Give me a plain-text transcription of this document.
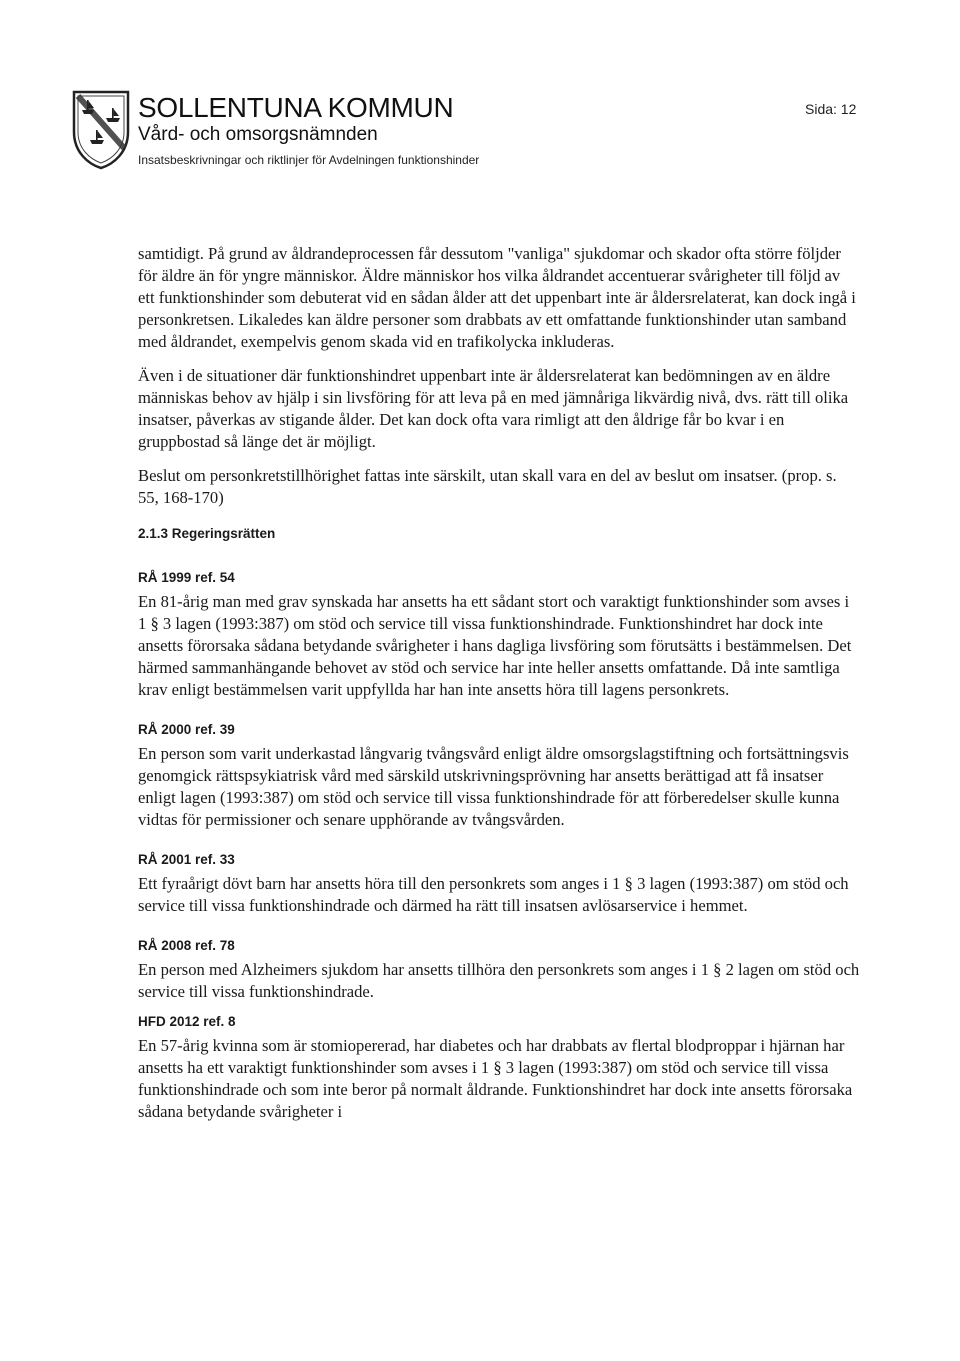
SOLLENTUNA KOMMUN
Vård- och omsorgsnämnden
Insatsbeskrivningar och riktlinjer för Avdelningen funktionshinder
Sida: 12

samtidigt. På grund av åldrandeprocessen får dessutom "vanliga" sjukdomar och skador ofta större följder för äldre än för yngre människor. Äldre människor hos vilka åldrandet accentuerar svårigheter till följd av ett funktionshinder som debuterat vid en sådan ålder att det uppenbart inte är åldersrelaterat, kan dock ingå i personkretsen. Likaledes kan äldre personer som drabbats av ett omfattande funktionshinder utan samband med åldrandet, exempelvis genom skada vid en trafikolycka inkluderas.

Även i de situationer där funktionshindret uppenbart inte är åldersrelaterat kan bedömningen av en äldre människas behov av hjälp i sin livsföring för att leva på en med jämnåriga likvärdig nivå, dvs. rätt till olika insatser, påverkas av stigande ålder. Det kan dock ofta vara rimligt att den åldrige får bo kvar i en gruppbostad så länge det är möjligt.

Beslut om personkretstillhörighet fattas inte särskilt, utan skall vara en del av beslut om insatser. (prop. s. 55, 168-170)

2.1.3 Regeringsrätten
RÅ 1999 ref. 54

En 81-årig man med grav synskada har ansetts ha ett sådant stort och varaktigt funktionshinder som avses i 1 § 3 lagen (1993:387) om stöd och service till vissa funktionshindrade. Funktionshindret har dock inte ansetts förorsaka sådana betydande svårigheter i hans dagliga livsföring som förutsätts i bestämmelsen. Det härmed sammanhängande behovet av stöd och service har inte heller ansetts omfattande. Då inte samtliga krav enligt bestämmelsen varit uppfyllda har han inte ansetts höra till lagens personkrets.

RÅ 2000 ref. 39

En person som varit underkastad långvarig tvångsvård enligt äldre omsorgslagstiftning och fortsättningsvis genomgick rättspsykiatrisk vård med särskild utskrivningsprövning har ansetts berättigad att få insatser enligt lagen (1993:387) om stöd och service till vissa funktionshindrade för att förberedelser skulle kunna vidtas för permissioner och senare upphörande av tvångsvården.

RÅ 2001 ref. 33

Ett fyraårigt dövt barn har ansetts höra till den personkrets som anges i 1 § 3 lagen (1993:387) om stöd och service till vissa funktionshindrade och därmed ha rätt till insatsen avlösarservice i hemmet.

RÅ 2008 ref. 78

En person med Alzheimers sjukdom har ansetts tillhöra den personkrets som anges i 1 § 2 lagen om stöd och service till vissa funktionshindrade.

HFD 2012 ref. 8

En 57-årig kvinna som är stomiopererad, har diabetes och har drabbats av flertal blodproppar i hjärnan har ansetts ha ett varaktigt funktionshinder som avses i 1 § 3 lagen (1993:387) om stöd och service till vissa funktionshindrade och som inte beror på normalt åldrande. Funktionshindret har dock inte ansetts förorsaka sådana betydande svårigheter i
